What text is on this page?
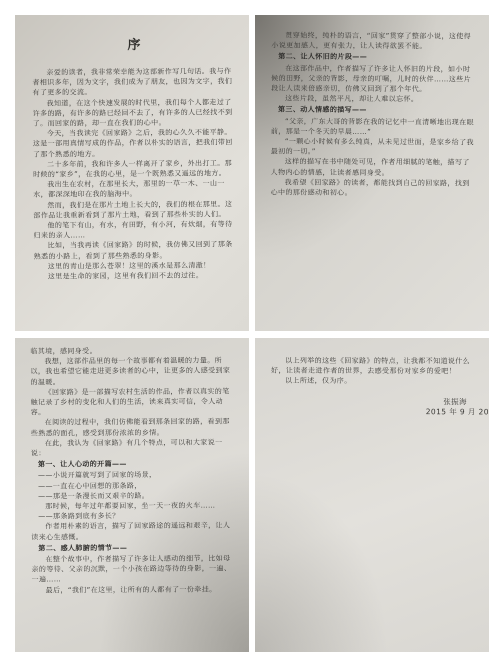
序

亲爱的读者，我非常荣幸能为这部新作写几句话。我与作者相识多年，因为文字，我们成为了朋友，也因为文字，我们有了更多的交流。

我知道，在这个快速发展的时代里，我们每个人都走过了许多的路，有许多的路已经回不去了，有许多的人已经找不到了。而回家的路，却一直在我们的心中。

今天，当我读完《回家路》之后，我的心久久不能平静。这是一部用真情写成的作品，作者以朴实的语言，把我们带回了那个熟悉的地方。

二十多年前，我和许多人一样离开了家乡，外出打工。那时候的“家乡”，在我的心里，是一个既熟悉又遥远的地方。

我出生在农村，在那里长大，那里的一草一木、一山一水，都深深地印在我的脑海中。

然而，我们是在那片土地上长大的，我们的根在那里。这部作品让我重新看到了那片土地，看到了那些朴实的人们。

他的笔下有山，有水，有田野，有小河，有炊烟，有等待归来的亲人……

比如，当我再读《回家路》的时候，我仿佛又回到了那条熟悉的小路上，看到了那些熟悉的身影。

这里的青山是那么苍翠！这里的溪水是那么清澈！

这里是生命的家园，这里有我们回不去的过往。

贯穿始终，纯朴的语言，“回家”贯穿了整部小说，这使得小说更加感人，更有张力，让人读得欲罢不能。

第二、让人怀旧的片段——

在这部作品中，作者描写了许多让人怀旧的片段，如小时候的田野，父亲的背影，母亲的叮嘱，儿时的伙伴……这些片段让人读来倍感亲切，仿佛又回到了那个年代。

这些片段，虽然平凡，却让人难以忘怀。

第三、动人情感的描写——

“父亲，广东大哥的背影在我的记忆中一直清晰地出现在眼前，那是一个冬天的早晨……”

“一颗心小时候有多么纯真，从未见过世面，是家乡给了我最初的一切。”

这样的描写在书中随处可见，作者用细腻的笔触，描写了人物内心的情感，让读者感同身受。

我希望《回家路》的读者，都能找到自己的回家路，找到心中的那份感动和初心。

临其境，感同身受。

我想，这部作品里的每一个故事都有着温暖的力量。所以，我也希望它能走进更多读者的心中，让更多的人感受到家的温暖。

《回家路》是一部描写农村生活的作品，作者以真实的笔触记录了乡村的变化和人们的生活，读来真实可信，令人动容。

在阅读的过程中，我们仿佛能看到那条回家的路，看到那些熟悉的面孔，感受到那份浓浓的乡情。

在此，我认为《回家路》有几个特点，可以和大家说一说：

第一、让人心动的开篇——

——小说开篇就写到了回家的场景，

——一直在心中回想的那条路，

——那是一条漫长而又艰辛的路。

那时候，每年过年都要回家，坐一天一夜的火车……

——那条路到底有多长？

作者用朴素的语言，描写了回家路途的遥远和艰辛，让人读来心生感慨。

第二、感人肺腑的情节——

在整个故事中，作者描写了许多让人感动的细节，比如母亲的等待、父亲的沉默，一个小孩在路边等待的身影，一遍、一遍……

最后，“我们”在这里，让所有的人都有了一份牵挂。

以上列举的这些《回家路》的特点，让我都不知道说什么好，让读者走进作者的世界，去感受那份对家乡的爱吧！

以上所述，仅为序。

张振海
2015 年 9 月 20
